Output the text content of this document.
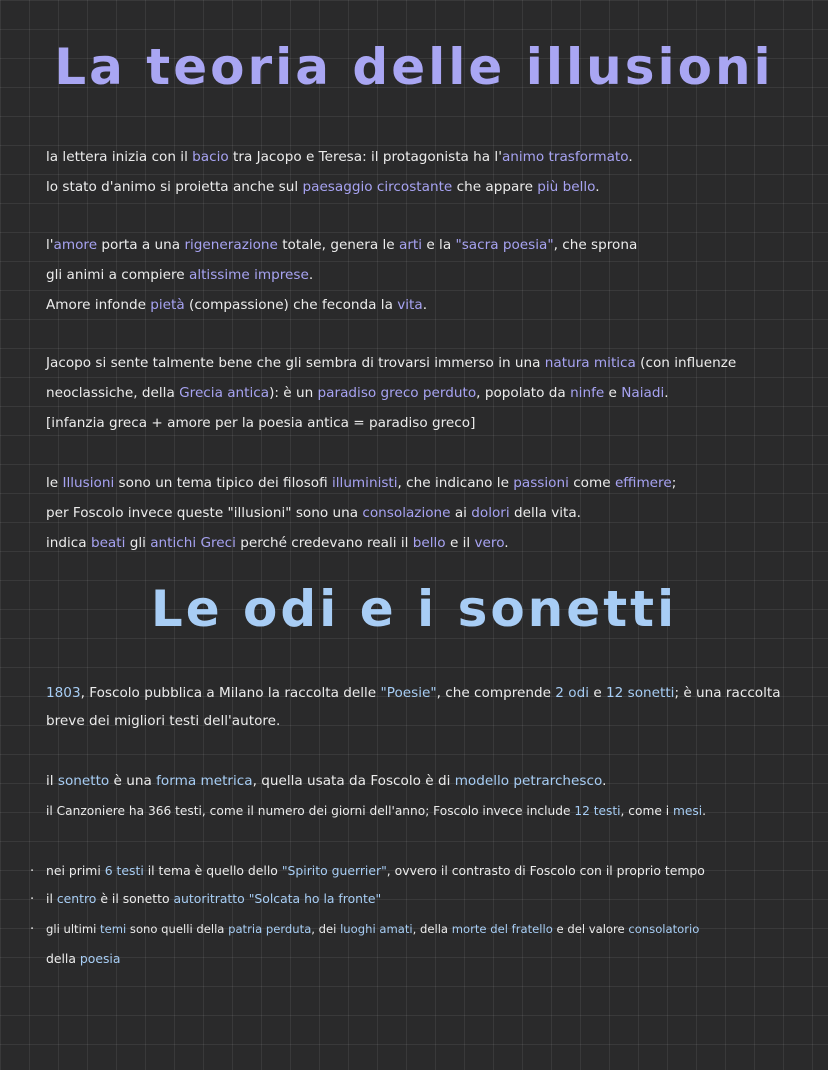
La teoria delle illusioni
la lettera inizia con il bacio tra Jacopo e Teresa: il protagonista ha l'animo trasformato.
lo stato d'animo si proietta anche sul paesaggio circostante che appare più bello.
l'amore porta a una rigenerazione totale, genera le arti e la "sacra poesia", che sprona
gli animi a compiere altissime imprese.
Amore infonde pietà (compassione) che feconda la vita.
Jacopo si sente talmente bene che gli sembra di trovarsi immerso in una natura mitica (con influenze
neoclassiche, della Grecia antica): è un paradiso greco perduto, popolato da ninfe e Naiadi.
[infanzia greca + amore per la poesia antica = paradiso greco]
le Illusioni sono un tema tipico dei filosofi illuministi, che indicano le passioni come effimere;
per Foscolo invece queste "illusioni" sono una consolazione ai dolori della vita.
indica beati gli antichi Greci perché credevano reali il bello e il vero.
Le odi e i sonetti
1803, Foscolo pubblica a Milano la raccolta delle "Poesie", che comprende 2 odi e 12 sonetti; è una raccolta
breve dei migliori testi dell'autore.
il sonetto è una forma metrica, quella usata da Foscolo è di modello petrarchesco.
il Canzoniere ha 366 testi, come il numero dei giorni dell'anno; Foscolo invece include 12 testi, come i mesi.
· nei primi 6 testi il tema è quello dello "Spirito guerrier", ovvero il contrasto di Foscolo con il proprio tempo
· il centro è il sonetto autoritratto "Solcata ho la fronte"
· gli ultimi temi sono quelli della patria perduta, dei luoghi amati, della morte del fratello e del valore consolatorio
della poesia
